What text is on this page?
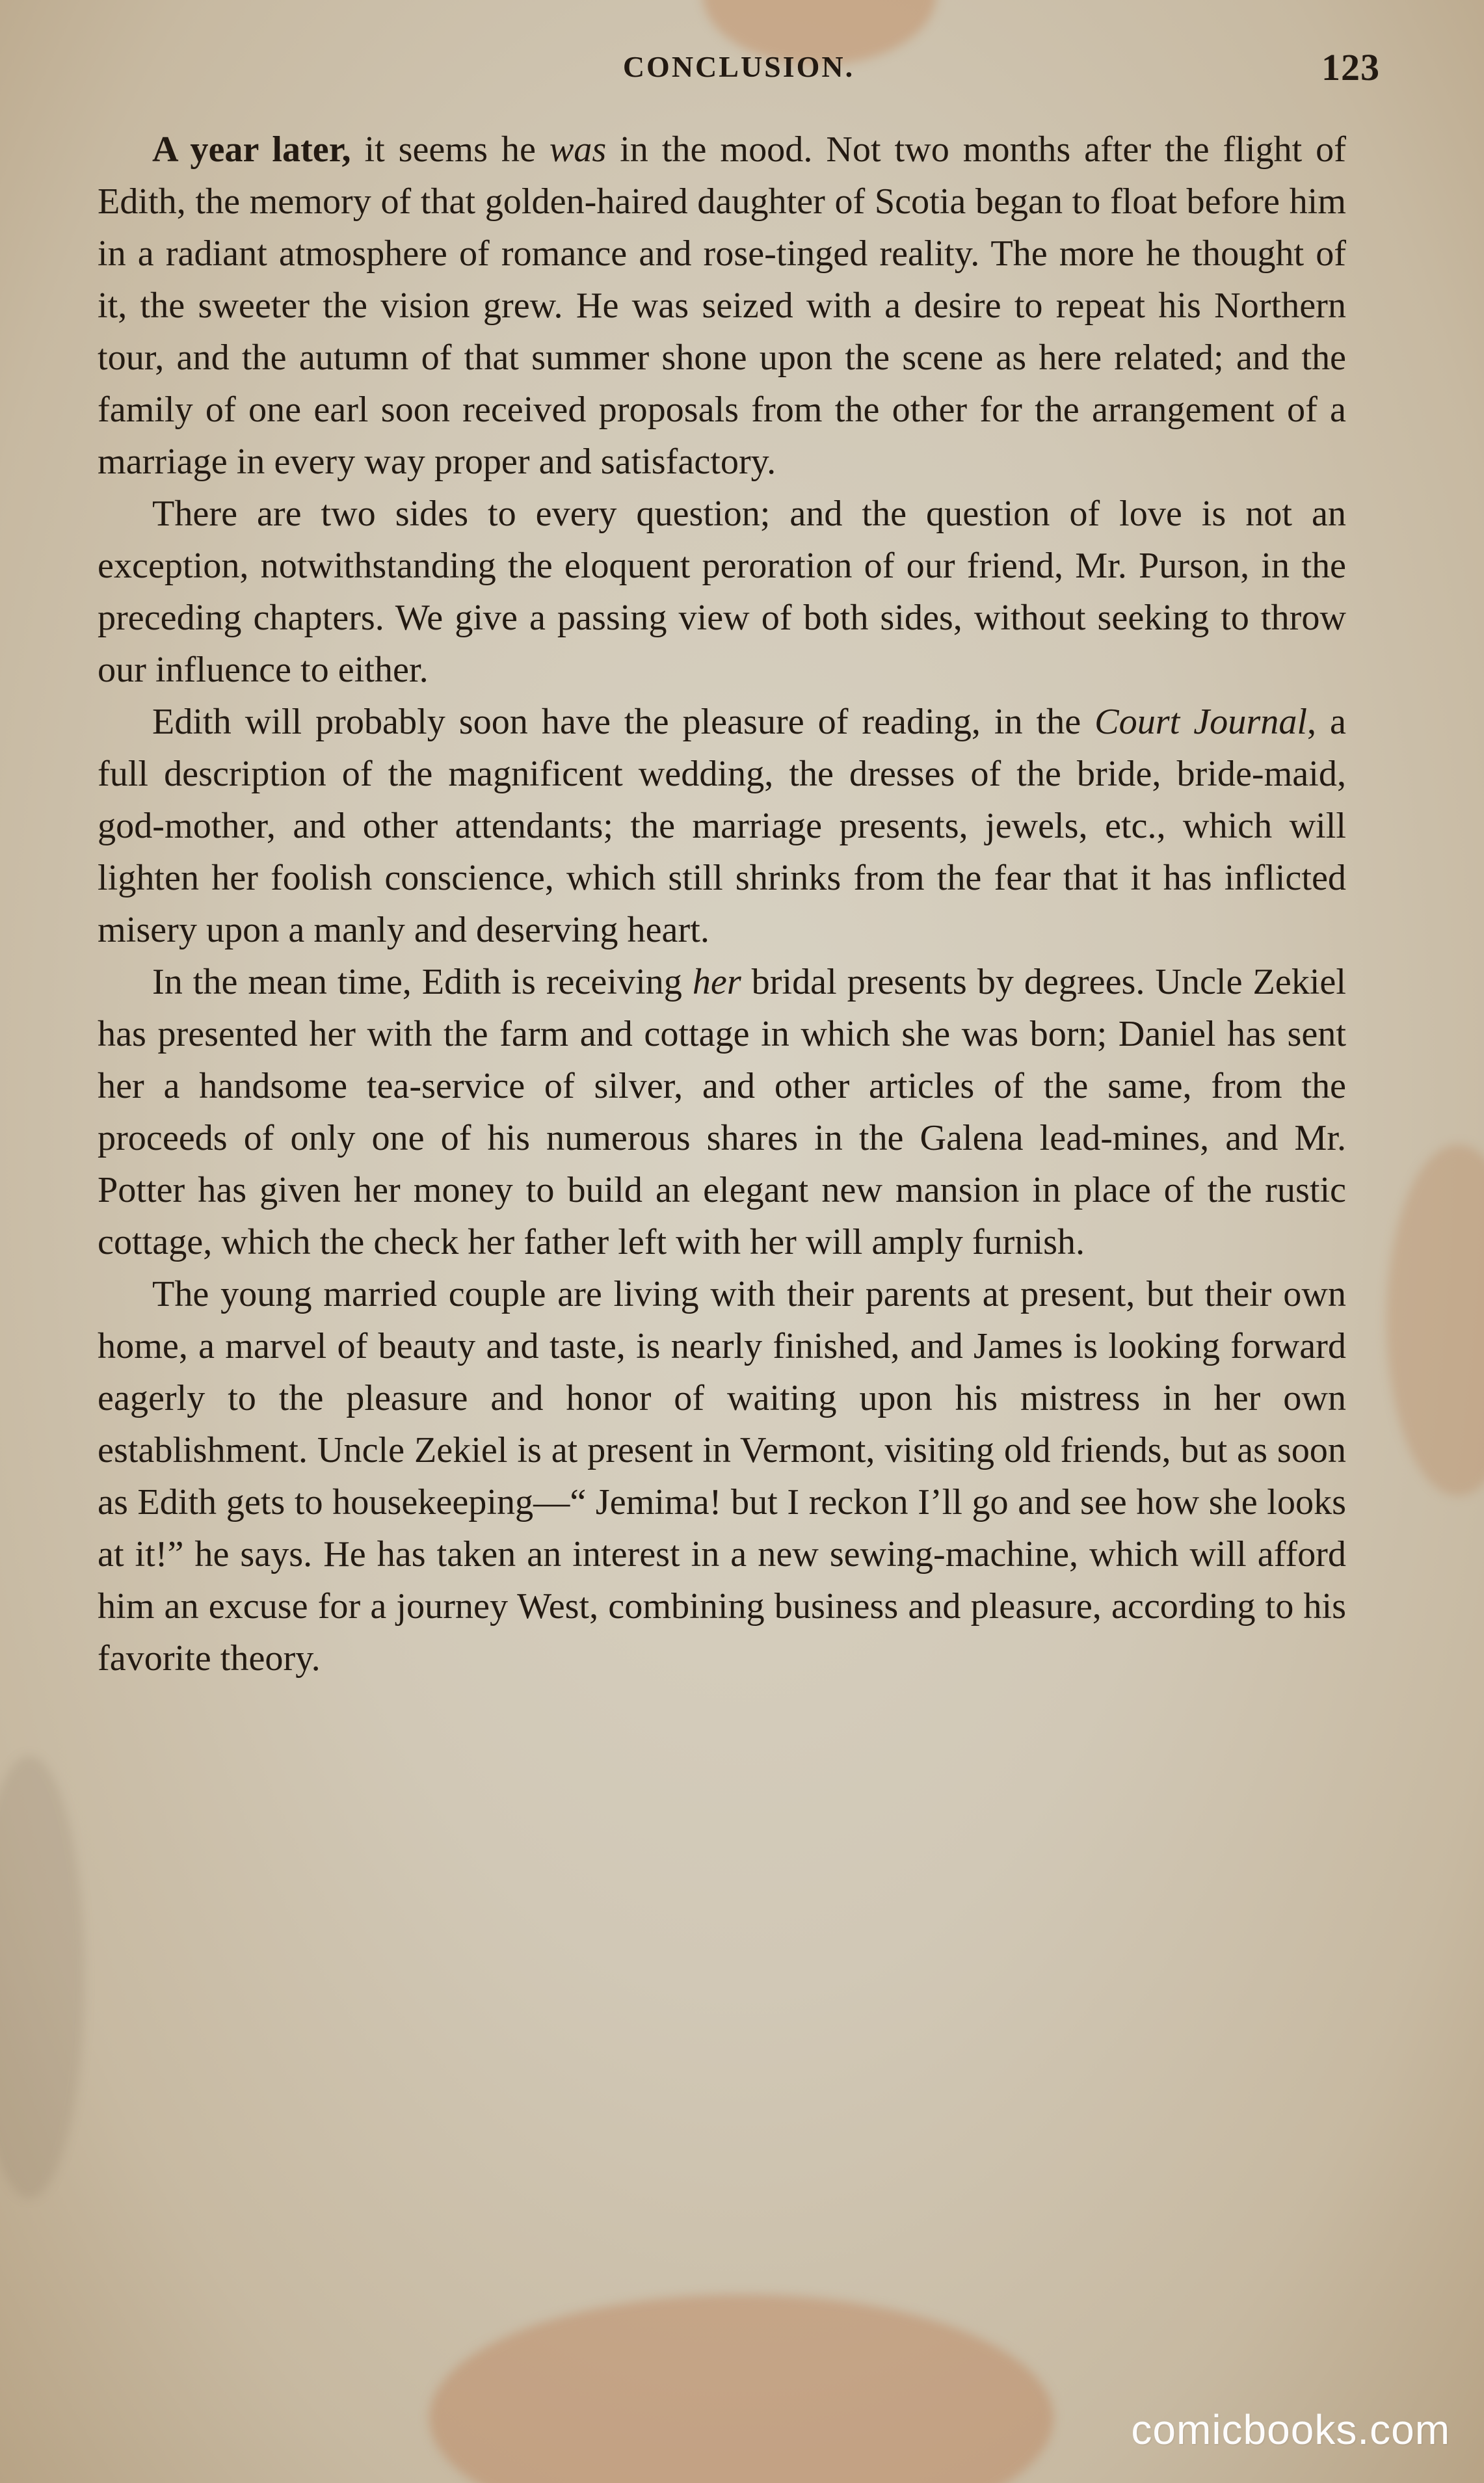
CONCLUSION.	123

A year later, it seems he was in the mood. Not two months after the flight of Edith, the memory of that golden-haired daughter of Scotia began to float before him in a radiant atmosphere of romance and rose-tinged reality. The more he thought of it, the sweeter the vision grew. He was seized with a desire to repeat his Northern tour, and the autumn of that summer shone upon the scene as here related; and the family of one earl soon received proposals from the other for the arrangement of a marriage in every way proper and satisfactory.

There are two sides to every question; and the question of love is not an exception, notwithstanding the eloquent peroration of our friend, Mr. Purson, in the preceding chapters. We give a passing view of both sides, without seeking to throw our influence to either.

Edith will probably soon have the pleasure of reading, in the Court Journal, a full description of the magnificent wedding, the dresses of the bride, bride-maid, god-mother, and other attendants; the marriage presents, jewels, etc., which will lighten her foolish conscience, which still shrinks from the fear that it has inflicted misery upon a manly and deserving heart.

In the mean time, Edith is receiving her bridal presents by degrees. Uncle Zekiel has presented her with the farm and cottage in which she was born; Daniel has sent her a handsome tea-service of silver, and other articles of the same, from the proceeds of only one of his numerous shares in the Galena lead-mines, and Mr. Potter has given her money to build an elegant new mansion in place of the rustic cottage, which the check her father left with her will amply furnish.

The young married couple are living with their parents at present, but their own home, a marvel of beauty and taste, is nearly finished, and James is looking forward eagerly to the pleasure and honor of waiting upon his mistress in her own establishment. Uncle Zekiel is at present in Vermont, visiting old friends, but as soon as Edith gets to housekeeping—“ Jemima! but I reckon I’ll go and see how she looks at it!” he says. He has taken an interest in a new sewing-machine, which will afford him an excuse for a journey West, combining business and pleasure, according to his favorite theory.

comicbooks.com
